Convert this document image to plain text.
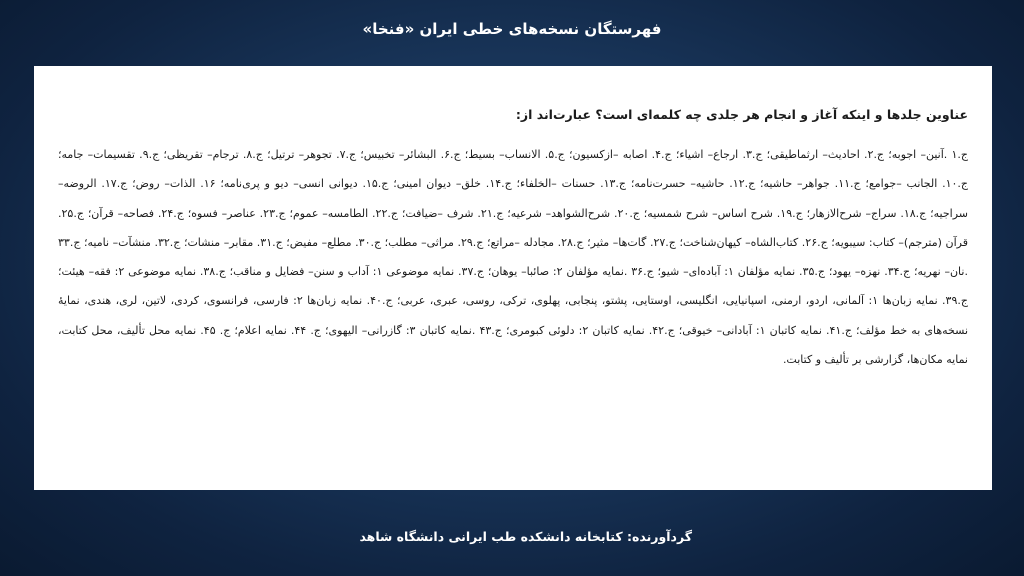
فهرستگان نسخه‌های خطی ایران «فنخا»

عناوین جلدها و اینکه آغاز و انجام هر جلدی چه کلمه‌ای است؟ عبارت‌اند از:

ج.۱ .آنین– اجوبه؛ ج.۲. احادیث– ارثماطیقی؛ ج.۳. ارجاع– اشیاء؛ ج.۴. اصابه –ازکسیون؛ ج.۵. الانساب– بسیط؛ ج.۶. البشائر– تخبیس؛ ج.۷. تجوهر– ترتیل؛ ج.۸. ترجام– تقریظی؛ ج.۹. تقسیمات– جامه؛ ج.۱۰. الجانب –جوامع؛ ج.۱۱. جواهر– حاشیه؛ ج.۱۲. حاشیه– حسرت‌نامه؛ ج.۱۳. حسنات –الخلفاء؛ ج.۱۴. خلق– دیوان امینی؛ ج.۱۵. دیوانی انسی– دیو و پری‌نامه؛ ۱۶. الذات– روض؛ ج.۱۷. الروضه– سراجیه؛ ج.۱۸. سراج– شرح‌الازهار؛ ج.۱۹. شرح اساس– شرح شمسیه؛ ج.۲۰. شرح‌الشواهد– شرعیه؛ ج.۲۱. شرف –ضیافت؛ ج.۲۲. الطامسه– عموم؛ ج.۲۳. عناصر– فسوه؛ ج.۲۴. فصاحه– قرآن؛ ج.۲۵. قرآن (مترجم)– کتاب: سیبویه؛ ج.۲۶. کتاب‌الشاه– کیهان‌شناخت؛ ج.۲۷. گات‌ها– مثیر؛ ج.۲۸. مجادله –مراتع؛ ج.۲۹. مراثی– مطلب؛ ج.۳۰. مطلع– مفیض؛ ج.۳۱. مقابر– منشات؛ ج.۳۲. منشآت– نامیه؛ ج.۳۳ .نان– نهریه؛ ج.۳۴. نهزه– یهود؛ ج.۳۵. نمایه مؤلفان ۱: آباده‌ای– شیو؛ ج.۳۶ .نمایه مؤلفان ۲: صائبا– یوهان؛ ج.۳۷. نمایه موضوعی ۱: آداب و سنن– فضایل و مناقب؛ ج.۳۸. نمایه موضوعی ۲: فقه– هیئت؛ ج.۳۹. نمایه زبان‌ها ۱: آلمانی، اردو، ارمنی، اسپانیایی، انگلیسی، اوستایی، پشتو، پنجابی، پهلوی، ترکی، روسی، عبری، عربی؛ ج.۴۰. نمایه زبان‌ها ۲: فارسی، فرانسوی، کردی، لاتین، لری، هندی، نمایهٔ نسخه‌های به خط مؤلف؛ ج.۴۱. نمایه کاتبان ۱: آبادانی– خیوقی؛ ج.۴۲. نمایه کاتبان ۲: دلوئی کبومری؛ ج.۴۳ .نمایه کاتبان ۳: گازرانی– الیهوی؛ ج. ۴۴. نمایه اعلام؛ ج. ۴۵. نمایه محل تألیف، محل کتابت، نمایه مکان‌ها، گزارشی بر تألیف و کتابت.

گردآورنده: کتابخانه دانشکده طب ایرانی دانشگاه شاهد
